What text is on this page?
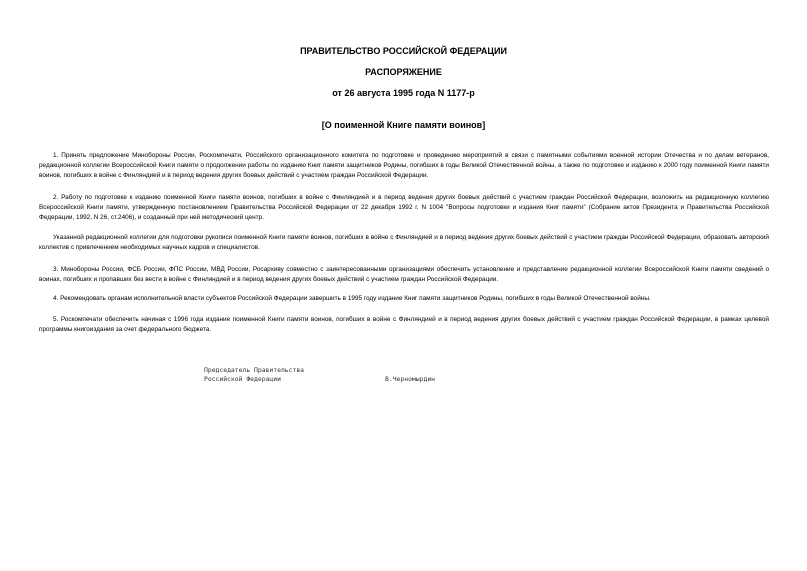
ПРАВИТЕЛЬСТВО РОССИЙСКОЙ ФЕДЕРАЦИИ
РАСПОРЯЖЕНИЕ
от 26 августа 1995 года N 1177-р
[О поименной Книге памяти воинов]

1. Принять предложение Минобороны России, Роскомпечати, Российского организационного комитета по подготовке и проведению мероприятий в связи с памятными событиями военной истории Отечества и по делам ветеранов, редакционной коллегии Всероссийской Книги памяти о продолжении работы по изданию Книг памяти защитников Родины, погибших в годы Великой Отечественной войны, а также по подготовке и изданию к 2000 году поименной Книги памяти воинов, погибших в войне с Финляндией и в период ведения других боевых действий с участием граждан Российской Федерации.

2. Работу по подготовке к изданию поименной Книги памяти воинов, погибших в войне с Финляндией и в период ведения других боевых действий с участием граждан Российской Федерации, возложить на редакционную коллегию Всероссийской Книги памяти, утвержденную постановлением Правительства Российской Федерации от 22 декабря 1992 г. N 1004 "Вопросы подготовки и издания Книг памяти" (Собрание актов Президента и Правительства Российской Федерации, 1992, N 26, ст.2406), и созданный при ней методический центр.

Указанной редакционной коллегии для подготовки рукописи поименной Книги памяти воинов, погибших в войне с Финляндией и в период ведения других боевых действий с участием граждан Российской Федерации, образовать авторский коллектив с привлечением необходимых научных кадров и специалистов.

3. Минобороны России, ФСБ России, ФПС России, МВД России, Росархиву совместно с заинтересованными организациями обеспечить установление и представление редакционной коллегии Всероссийской Книги памяти сведений о воинах, погибших и пропавших без вести в войне с Финляндией и в период ведения других боевых действий с участием граждан Российской Федерации.

4. Рекомендовать органам исполнительной власти субъектов Российской Федерации завершить в 1995 году издание Книг памяти защитников Родины, погибших в годы Великой Отечественной войны.

5. Роскомпечати обеспечить начиная с 1996 года издание поименной Книги памяти воинов, погибших в войне с Финляндией и в период ведения других боевых действий с участием граждан Российской Федерации, в рамках целевой программы книгоиздания за счет федерального бюджета.

Председатель Правительства
Российской Федерации	В.Черномырдин
